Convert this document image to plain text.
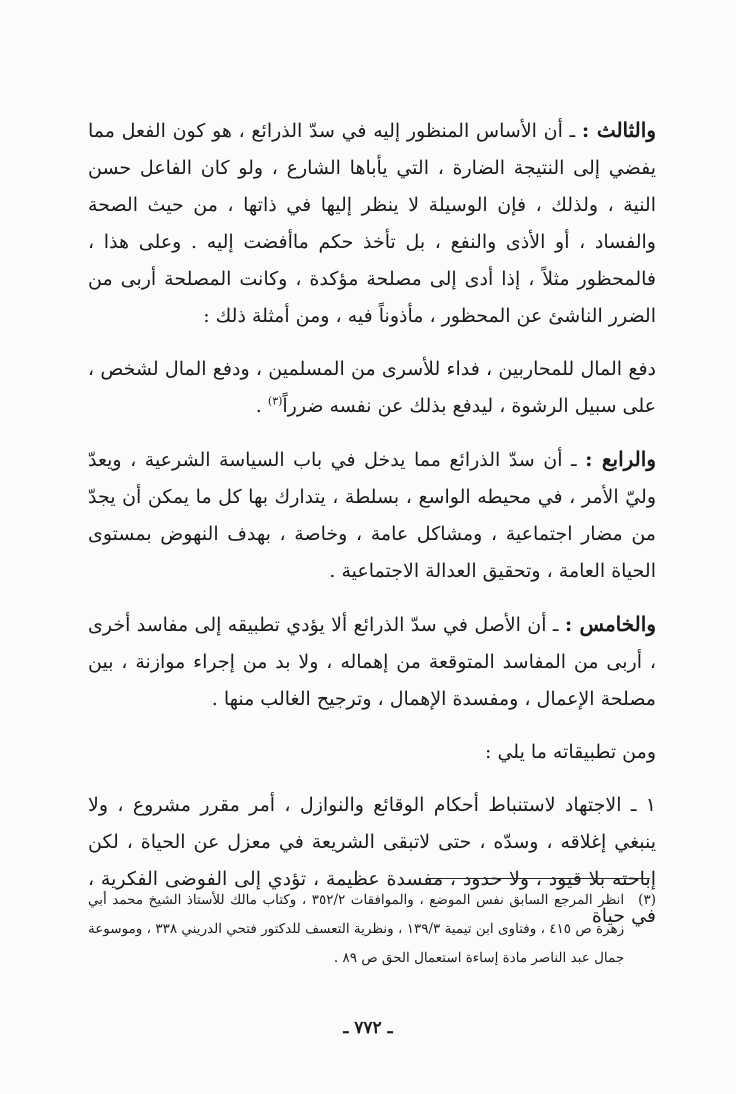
والثالث : ـ أن الأساس المنظور إليه في سدّ الذرائع ، هو كون الفعل مما يفضي إلى النتيجة الضارة ، التي يأباها الشارع ، ولو كان الفاعل حسن النية ، ولذلك ، فإن الوسيلة لا ينظر إليها في ذاتها ، من حيث الصحة والفساد ، أو الأذى والنفع ، بل تأخذ حكم ماأفضت إليه . وعلى هذا ، فالمحظور مثلاً ، إذا أدى إلى مصلحة مؤكدة ، وكانت المصلحة أربى من الضرر الناشئ عن المحظور ، مأذوناً فيه ، ومن أمثلة ذلك :

دفع المال للمحاربين ، فداء للأسرى من المسلمين ، ودفع المال لشخص ، على سبيل الرشوة ، ليدفع بذلك عن نفسه ضرراً$^{(٣)}$ .

والرابع : ـ أن سدّ الذرائع مما يدخل في باب السياسة الشرعية ، ويعدّ وليّ الأمر ، في محيطه الواسع ، بسلطة ، يتدارك بها كل ما يمكن أن يجدّ من مضار اجتماعية ، ومشاكل عامة ، وخاصة ، بهدف النهوض بمستوى الحياة العامة ، وتحقيق العدالة الاجتماعية .

والخامس : ـ أن الأصل في سدّ الذرائع ألا يؤدي تطبيقه إلى مفاسد أخرى ، أربى من المفاسد المتوقعة من إهماله ، ولا بد من إجراء موازنة ، بين مصلحة الإعمال ، ومفسدة الإهمال ، وترجيح الغالب منها .

ومن تطبيقاته ما يلي :

١ ـ الاجتهاد لاستنباط أحكام الوقائع والنوازل ، أمر مقرر مشروع ، ولا ينبغي إغلاقه ، وسدّه ، حتى لاتبقى الشريعة في معزل عن الحياة ، لكن إباحته بلا قيود ، ولا حدود ، مفسدة عظيمة ، تؤدي إلى الفوضى الفكرية ، في حياة

(٣)
انظر المرجع السابق نفس الموضع ، والموافقات ٣٥٢/٢ ، وكتاب مالك للأستاذ الشيخ محمد أبي زهرة ص ٤١٥ ، وفتاوى ابن تيمية ١٣٩/٣ ، ونظرية التعسف للدكتور فتحي الدريني ٣٣٨ ، وموسوعة جمال عبد الناصر مادة إساءة استعمال الحق ص ٨٩ .
ـ ٧٧٢ ـ
